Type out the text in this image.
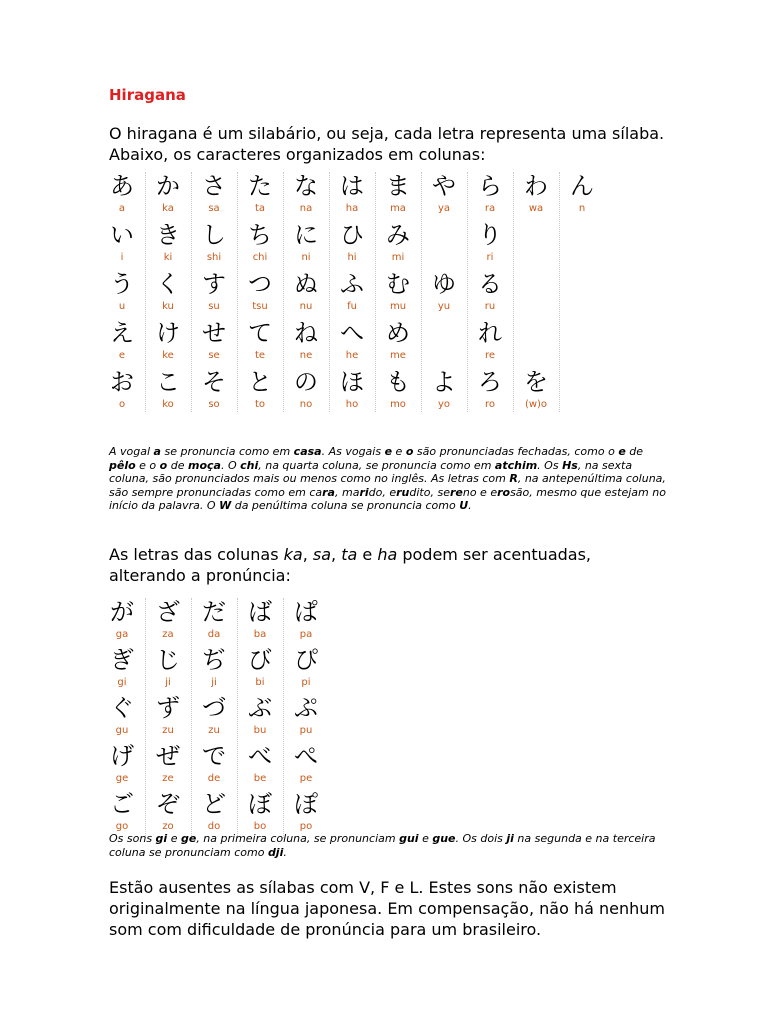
Hiragana

O hiragana é um silabário, ou seja, cada letra representa uma sílaba. Abaixo, os caracteres organizados em colunas:

あ
a
い
i
う
u
え
e
お
o
か
ka
き
ki
く
ku
け
ke
こ
ko
さ
sa
し
shi
す
su
せ
se
そ
so
た
ta
ち
chi
つ
tsu
て
te
と
to
な
na
に
ni
ぬ
nu
ね
ne
の
no
は
ha
ひ
hi
ふ
fu
へ
he
ほ
ho
ま
ma
み
mi
む
mu
め
me
も
mo
や
ya
ゆ
yu
よ
yo
ら
ra
り
ri
る
ru
れ
re
ろ
ro
わ
wa
を
(w)o
ん
n

A vogal a se pronuncia como em casa. As vogais e e o são pronunciadas fechadas, como o e de pêlo e o o de moça. O chi, na quarta coluna, se pronuncia como em atchim. Os Hs, na sexta coluna, são pronunciados mais ou menos como no inglês. As letras com R, na antepenúltima coluna, são sempre pronunciadas como em cara, marido, erudito, sereno e erosão, mesmo que estejam no início da palavra. O W da penúltima coluna se pronuncia como U.

As letras das colunas ka, sa, ta e ha podem ser acentuadas, alterando a pronúncia:

が
ga
ぎ
gi
ぐ
gu
げ
ge
ご
go
ざ
za
じ
ji
ず
zu
ぜ
ze
ぞ
zo
だ
da
ぢ
ji
づ
zu
で
de
ど
do
ば
ba
び
bi
ぶ
bu
べ
be
ぼ
bo
ぱ
pa
ぴ
pi
ぷ
pu
ぺ
pe
ぽ
po

Os sons gi e ge, na primeira coluna, se pronunciam gui e gue. Os dois ji na segunda e na terceira coluna se pronunciam como dji.

Estão ausentes as sílabas com V, F e L. Estes sons não existem originalmente na língua japonesa. Em compensação, não há nenhum som com dificuldade de pronúncia para um brasileiro.
